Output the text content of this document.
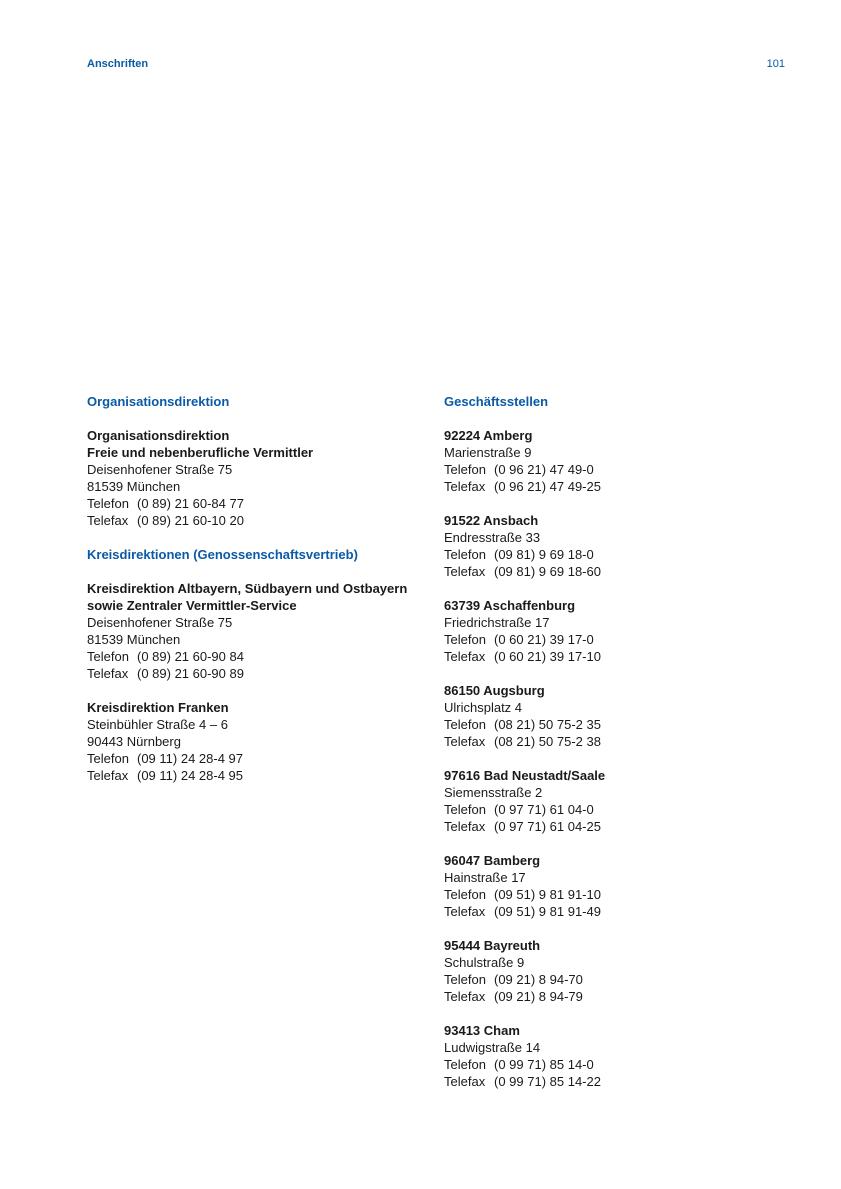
Anschriften	101
Organisationsdirektion
Organisationsdirektion
Freie und nebenberufliche Vermittler
Deisenhofener Straße 75
81539 München
Telefon (0 89) 21 60-84 77
Telefax (0 89) 21 60-10 20
Kreisdirektionen (Genossenschaftsvertrieb)
Kreisdirektion Altbayern, Südbayern und Ostbayern
sowie Zentraler Vermittler-Service
Deisenhofener Straße 75
81539 München
Telefon (0 89) 21 60-90 84
Telefax (0 89) 21 60-90 89
Kreisdirektion Franken
Steinbühler Straße 4 – 6
90443 Nürnberg
Telefon (09 11) 24 28-4 97
Telefax (09 11) 24 28-4 95
Geschäftsstellen
92224 Amberg
Marienstraße 9
Telefon (0 96 21) 47 49-0
Telefax (0 96 21) 47 49-25
91522 Ansbach
Endresstraße 33
Telefon (09 81) 9 69 18-0
Telefax (09 81) 9 69 18-60
63739 Aschaffenburg
Friedrichstraße 17
Telefon (0 60 21) 39 17-0
Telefax (0 60 21) 39 17-10
86150 Augsburg
Ulrichsplatz 4
Telefon (08 21) 50 75-2 35
Telefax (08 21) 50 75-2 38
97616 Bad Neustadt/Saale
Siemensstraße 2
Telefon (0 97 71) 61 04-0
Telefax (0 97 71) 61 04-25
96047 Bamberg
Hainstraße 17
Telefon (09 51) 9 81 91-10
Telefax (09 51) 9 81 91-49
95444 Bayreuth
Schulstraße 9
Telefon (09 21) 8 94-70
Telefax (09 21) 8 94-79
93413 Cham
Ludwigstraße 14
Telefon (0 99 71) 85 14-0
Telefax (0 99 71) 85 14-22
